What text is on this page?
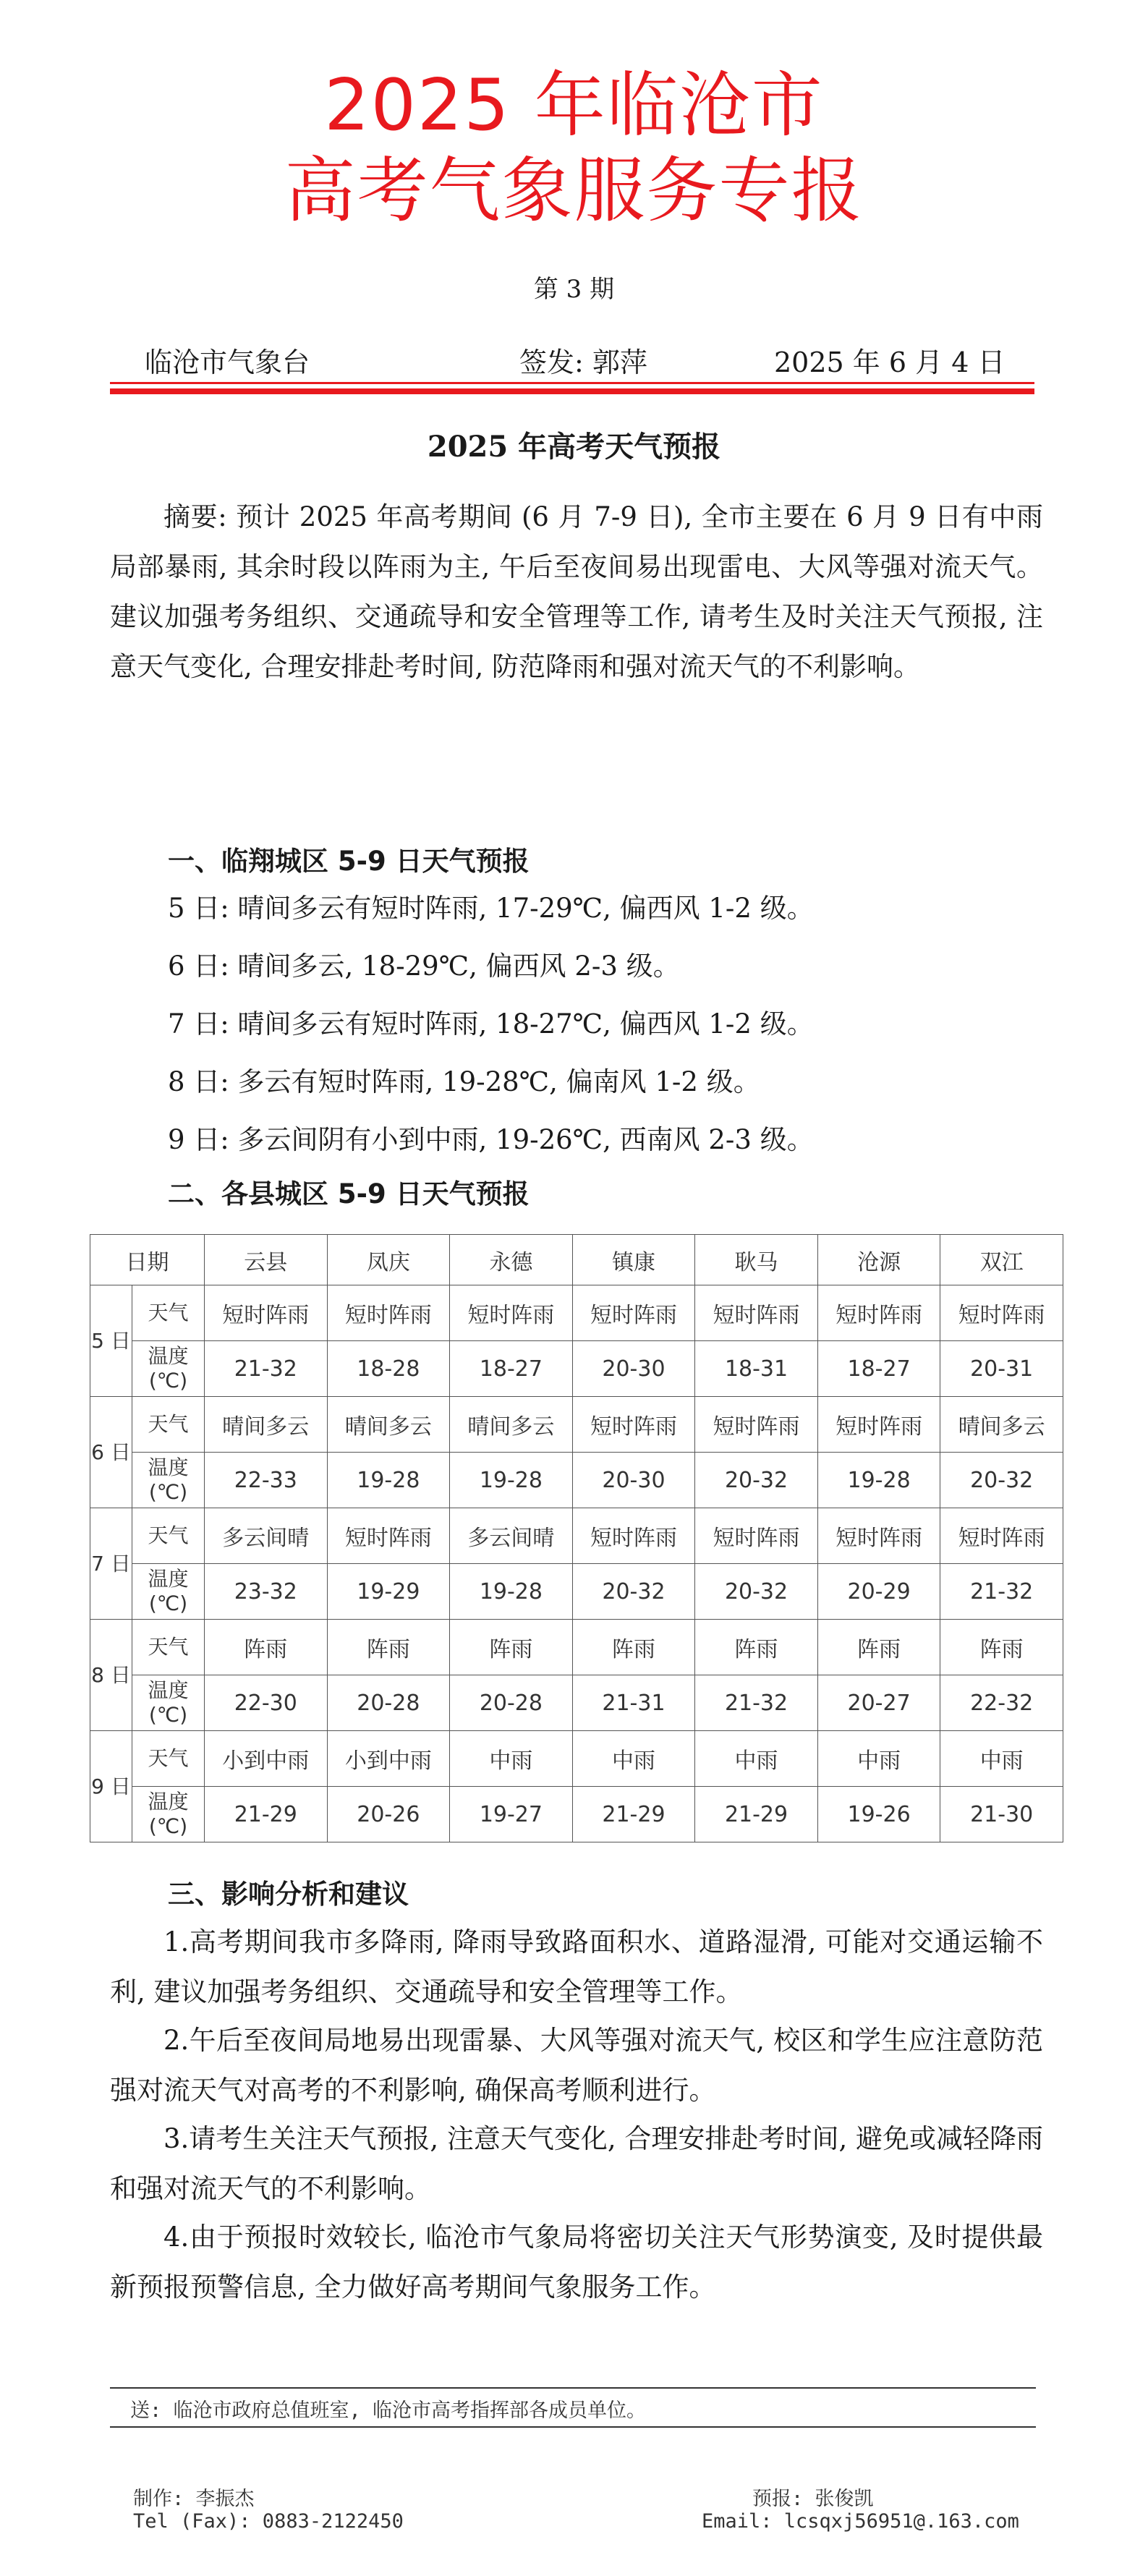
2025 年临沧市
高考气象服务专报
第 3 期
临沧市气象台	签发: 郭萍	2025 年 6 月 4 日
2025 年高考天气预报
摘要: 预计 2025 年高考期间 (6 月 7-9 日), 全市主要在 6 月 9 日有中雨局部暴雨, 其余时段以阵雨为主, 午后至夜间易出现雷电、大风等强对流天气。建议加强考务组织、交通疏导和安全管理等工作, 请考生及时关注天气预报, 注意天气变化, 合理安排赴考时间, 防范降雨和强对流天气的不利影响。
一、临翔城区 5-9 日天气预报
5 日: 晴间多云有短时阵雨, 17-29℃, 偏西风 1-2 级。
6 日: 晴间多云, 18-29℃, 偏西风 2-3 级。
7 日: 晴间多云有短时阵雨, 18-27℃, 偏西风 1-2 级。
8 日: 多云有短时阵雨, 19-28℃, 偏南风 1-2 级。
9 日: 多云间阴有小到中雨, 19-26℃, 西南风 2-3 级。
二、各县城区 5-9 日天气预报
日期		云县	凤庆	永德	镇康	耿马	沧源	双江
5 日	天气	短时阵雨	短时阵雨	短时阵雨	短时阵雨	短时阵雨	短时阵雨	短时阵雨
	温度 (℃)	21-32	18-28	18-27	20-30	18-31	18-27	20-31
6 日	天气	晴间多云	晴间多云	晴间多云	短时阵雨	短时阵雨	短时阵雨	晴间多云
	温度 (℃)	22-33	19-28	19-28	20-30	20-32	19-28	20-32
7 日	天气	多云间晴	短时阵雨	多云间晴	短时阵雨	短时阵雨	短时阵雨	短时阵雨
	温度 (℃)	23-32	19-29	19-28	20-32	20-32	20-29	21-32
8 日	天气	阵雨	阵雨	阵雨	阵雨	阵雨	阵雨	阵雨
	温度 (℃)	22-30	20-28	20-28	21-31	21-32	20-27	22-32
9 日	天气	小到中雨	小到中雨	中雨	中雨	中雨	中雨	中雨
	温度 (℃)	21-29	20-26	19-27	21-29	21-29	19-26	21-30
三、影响分析和建议
1.高考期间我市多降雨, 降雨导致路面积水、道路湿滑, 可能对交通运输不利, 建议加强考务组织、交通疏导和安全管理等工作。
2.午后至夜间局地易出现雷暴、大风等强对流天气, 校区和学生应注意防范强对流天气对高考的不利影响, 确保高考顺利进行。
3.请考生关注天气预报, 注意天气变化, 合理安排赴考时间, 避免或减轻降雨和强对流天气的不利影响。
4.由于预报时效较长, 临沧市气象局将密切关注天气形势演变, 及时提供最新预报预警信息, 全力做好高考期间气象服务工作。
送: 临沧市政府总值班室, 临沧市高考指挥部各成员单位。
制作: 李振杰
Tel (Fax): 0883-2122450
预报: 张俊凯
Email: lcsqxj56951@.163.com
